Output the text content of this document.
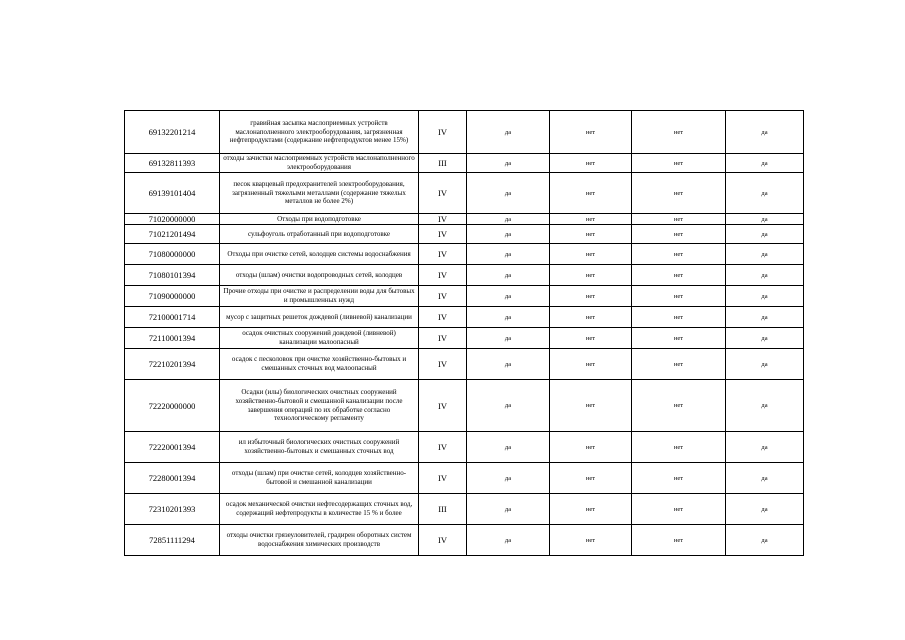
69132201214	гравийная засыпка маслоприемных устройств маслонаполненного электрооборудования, загрязненная нефтепродуктами (содержание нефтепродуктов менее 15%)	IV	да	нет	нет	да
69132811393	отходы зачистки маслоприемных устройств маслонаполненного электрооборудования	III	да	нет	нет	да
69139101404	песок кварцевый предохранителей электрооборудования, загрязненный тяжелыми металлами (содержание тяжелых металлов не более 2%)	IV	да	нет	нет	да
71020000000	Отходы при водоподготовке	IV	да	нет	нет	да
71021201494	сульфоуголь отработанный при водоподготовке	IV	да	нет	нет	да
71080000000	Отходы при очистке сетей, колодцев системы водоснабжения	IV	да	нет	нет	да
71080101394	отходы (шлам) очистки водопроводных сетей, колодцев	IV	да	нет	нет	да
71090000000	Прочие отходы при очистке и распределении воды для бытовых и промышленных нужд	IV	да	нет	нет	да
72100001714	мусор с защитных решеток дождевой (ливневой) канализации	IV	да	нет	нет	да
72110001394	осадок очистных сооружений дождевой (ливневой) канализации малоопасный	IV	да	нет	нет	да
72210201394	осадок с песколовок при очистке хозяйственно-бытовых и смешанных сточных вод малоопасный	IV	да	нет	нет	да
72220000000	Осадки (илы) биологических очистных сооружений хозяйственно-бытовой и смешанной канализации после завершения операций по их обработке согласно технологическому регламенту	IV	да	нет	нет	да
72220001394	ил избыточный биологических очистных сооружений хозяйственно-бытовых и смешанных сточных вод	IV	да	нет	нет	да
72280001394	отходы (шлам) при очистке сетей, колодцев хозяйственно-бытовой и смешанной канализации	IV	да	нет	нет	да
72310201393	осадок механической очистки нефтесодержащих сточных вод, содержащий нефтепродукты в количестве 15 % и более	III	да	нет	нет	да
72851111294	отходы очистки грязеуловителей, градирен оборотных систем водоснабжения химических производств	IV	да	нет	нет	да
